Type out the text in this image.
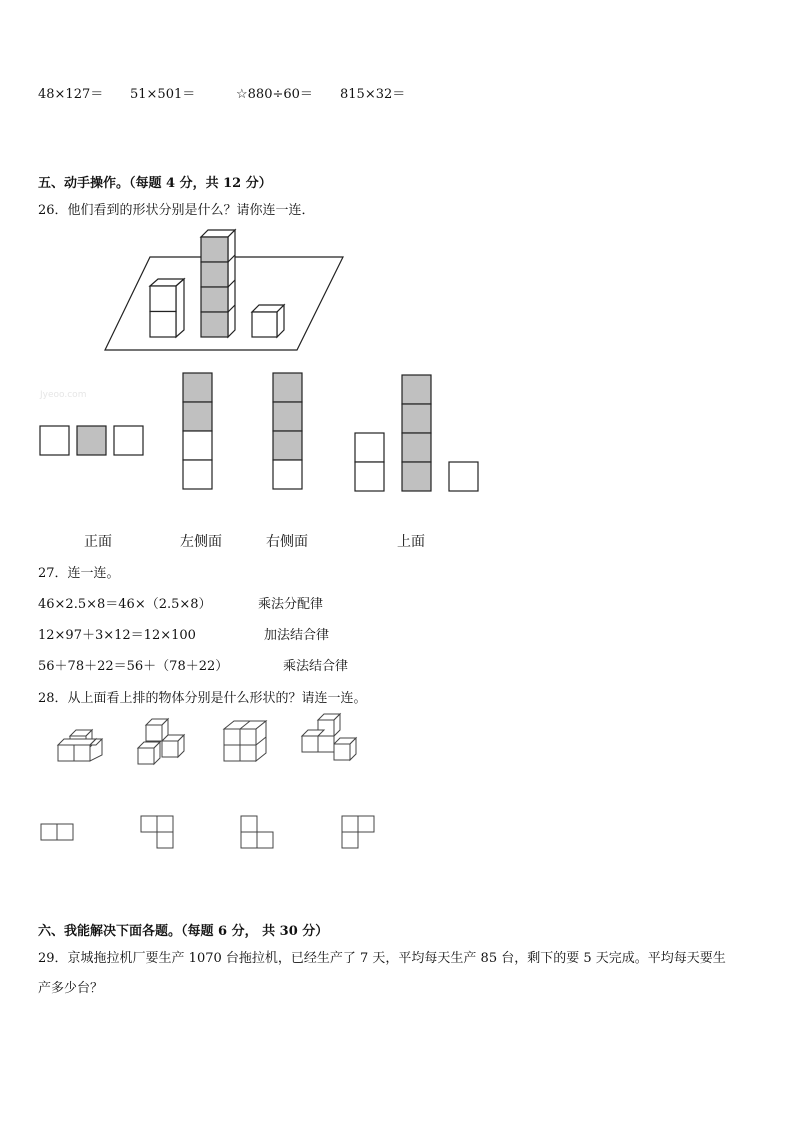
48×127＝ 51×501＝	☆880÷60＝ 815×32＝
五、动手操作。（每题 4 分，共 12 分）
26．他们看到的形状分别是什么？请你连一连．
Jyeoo.com
正面	左侧面	右侧面	上面
27．连一连。
46×2.5×8＝46×（2.5×8）	乘法分配律
12×97＋3×12＝12×100	加法结合律
56＋78＋22＝56＋（78＋22）	乘法结合律
28．从上面看上排的物体分别是什么形状的？请连一连。
六、我能解决下面各题。（每题 6 分， 共 30 分）
29．京城拖拉机厂要生产 1070 台拖拉机，已经生产了 7 天，平均每天生产 85 台，剩下的要 5 天完成。平均每天要生
产多少台？
